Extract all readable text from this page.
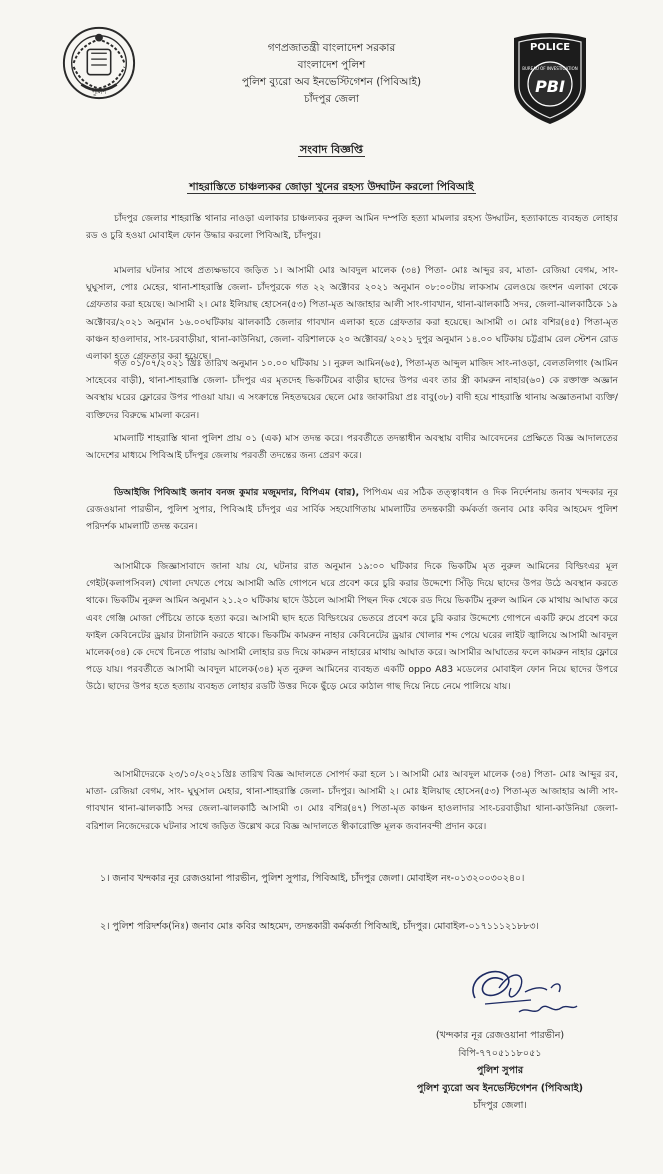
পুলিশ
POLICE
BUREAU OF INVESTIGATION
PBI
গণপ্রজাতন্ত্রী বাংলাদেশ সরকার
বাংলাদেশ পুলিশ
পুলিশ ব্যুরো অব ইনভেস্টিগেশন (পিবিআই)
চাঁদপুর জেলা
সংবাদ বিজ্ঞপ্তি
শাহরাস্তিতে চাঞ্চল্যকর জোড়া খুনের রহস্য উদ্ঘাটন করলো পিবিআই
চাঁদপুর জেলার শাহরাস্তি থানার নাওড়া এলাকার চাঞ্চল্যকর নুরুল আমিন দম্পতি হত্যা মামলার রহস্য উদ্ঘাটন, হত্যাকান্ডে ব্যবহৃত লোহার রড ও চুরি হওয়া মোবাইল ফোন উদ্ধার করলো পিবিআই, চাঁদপুর।
মামলার ঘটনার সাথে প্রত্যক্ষভাবে জড়িত ১। আসামী মোঃ আবদুল মালেক (৩৪) পিতা- মোঃ আব্দুর রব, মাতা- রেজিয়া বেগম, সাং- ঘুঘুসাল, পোঃ মেহের, থানা-শাহরাস্তি জেলা- চাঁদপুরকে গত ২২ অক্টোবর ২০২১ অনুমান ০৮:০০টায় লাকসাম রেলওয়ে জংশন এলাকা থেকে গ্রেফতার করা হয়েছে। আসামী ২। মোঃ ইলিয়াছ হোসেন(৫৩) পিতা-মৃত আজাহার আলী সাং-গাবখান, থানা-ঝালকাঠি সদর, জেলা-ঝালকাঠিকে ১৯ অক্টোবর/২০২১ অনুমান ১৬.০০ঘটিকায় ঝালকাঠি জেলার গাবখান এলাকা হতে গ্রেফতার করা হয়েছে। আসামী ৩। মোঃ বশির(৪৫) পিতা-মৃত কাঞ্চন হাওলাদার, সাং-চরবাড়ীয়া, থানা-কাউনিয়া, জেলা- বরিশালকে ২০ অক্টোবর/ ২০২১ দুপুর অনুমান ১৪.০০ ঘটিকায় চট্টগ্রাম রেল স্টেশন রোড এলাকা হতে গ্রেফতার করা হয়েছে।
গত ০১/০৭/২০২১ খ্রিঃ তারিখ অনুমান ১০.০০ ঘটিকায় ১। নুরুল আমিন(৬৫), পিতা-মৃত আব্দুল মাজিদ সাং-নাওড়া, বেলতলিগাং (আমিন সাহেবের বাড়ী), থানা-শাহরাস্তি জেলা- চাঁদপুর এর মৃতদেহ ভিকটিমের বাড়ীর ছাদের উপর এবং তার স্ত্রী কামরুন নাহার(৬০) কে রক্তাক্ত অজ্ঞান অবস্থায় ঘরের ফ্লোরের উপর পাওয়া যায়। এ সংক্রান্তে নিহতদ্বয়ের ছেলে মোঃ জাকারিয়া প্রঃ বাবু(৩৮) বাদী হয়ে শাহরাস্তি থানায় অজ্ঞাতনামা ব্যক্তি/ব্যক্তিদের বিরুদ্ধে মামলা করেন।
মামলাটি শাহরাস্তি থানা পুলিশ প্রায় ০১ (এক) মাস তদন্ত করে। পরবর্তীতে তদন্তাধীন অবস্থায় বাদীর আবেদনের প্রেক্ষিতে বিজ্ঞ আদালতের আদেশের মাধ্যমে পিবিআই চাঁদপুর জেলায় পরবর্তী তদন্তের জন্য প্রেরণ করে।
ডিআইজি পিবিআই জনাব বনজ কুমার মজুমদার, বিপিএম (বার), পিপিএম এর সঠিক তত্ত্বাবধান ও দিক নির্দেশনায় জনাব খন্দকার নূর রেজওয়ানা পারভীন, পুলিশ সুপার, পিবিআই চাঁদপুর এর সার্বিক সহযোগিতায় মামলাটির তদন্তকারী কর্মকর্তা জনাব মোঃ কবির আহমেদ পুলিশ পরিদর্শক মামলাটি তদন্ত করেন।
আসামীকে জিজ্ঞাসাবাদে জানা যায় যে, ঘটনার রাত অনুমান ১৯:০০ ঘটিকার দিকে ভিকটিম মৃত নুরুল আমিনের বিল্ডিংএর মূল গেইট(কলাপসিবল) খোলা দেখতে পেয়ে আসামী অতি গোপনে ঘরে প্রবেশ করে চুরি করার উদ্দেশ্যে সিঁড়ি দিয়ে ছাদের উপর উঠে অবস্থান করতে থাকে। ভিকটিম নুরুল আমিন অনুমান ২১.২০ ঘটিকায় ছাদে উঠলে আসামী পিছন দিক থেকে রড দিয়ে ভিকটিম নুরুল আমিন কে মাথায় আঘাত করে এবং গেঞ্জি মোজা পেঁচিয়ে তাকে হত্যা করে। আসামী ছাদ হতে বিল্ডিংয়ের ভেতরে প্রবেশ করে চুরি করার উদ্দেশ্যে গোপনে একটি রুমে প্রবেশ করে ফাইল কেবিনেটের ড্রয়ার টানাটানি করতে থাকে। ভিকটিম কামরুন নাহার কেবিনেটের ড্রয়ার খোলার শব্দ পেয়ে ঘরের লাইট জ্বালিয়ে আসামী আবদুল মালেক(৩৪) কে দেখে চিনতে পারায় আসামী লোহার রড দিয়ে কামরুন নাহারের মাথায় আঘাত করে। আসামীর আঘাতের ফলে কামরুন নাহার ফ্লোরে পড়ে যায়। পরবর্তীতে আসামী আবদুল মালেক(৩৪) মৃত নুরুল আমিনের ব্যবহৃত একটি oppo A83 মডেলের মোবাইল ফোন নিয়ে ছাদের উপরে উঠে। ছাদের উপর হতে হত্যায় ব্যবহৃত লোহার রডটি উত্তর দিকে ছুঁড়ে মেরে কাঠাল গাছ দিয়ে নিচে নেমে পালিয়ে যায়।
আসামীদেরকে ২৩/১০/২০২১খ্রিঃ তারিখ বিজ্ঞ আদালতে সোপর্দ করা হলে ১। আসামী মোঃ আবদুল মালেক (৩৪) পিতা- মোঃ আব্দুর রব, মাতা- রেজিয়া বেগম, সাং- ঘুঘুসাল মেহার, থানা-শাহরাস্তি জেলা- চাঁদপুর। আসামী ২। মোঃ ইলিয়াছ হোসেন(৫৩) পিতা-মৃত আজাহার আলী সাং-গাবখান থানা-ঝালকাঠি সদর জেলা-ঝালকাঠি আসামী ৩। মোঃ বশির(৪৭) পিতা-মৃত কাঞ্চন হাওলাদার সাং-চরবাড়ীয়া থানা-কাউনিয়া জেলা- বরিশাল নিজেদেরকে ঘটনার সাথে জড়িত উল্লেখ করে বিজ্ঞ আদালতে স্বীকারোক্তি মূলক জবানবন্দী প্রদান করে।
১। জনাব খন্দকার নূর রেজওয়ানা পারভীন, পুলিশ সুপার, পিবিআই, চাঁদপুর জেলা। মোবাইল নং-০১৩২০০৩০২৪০।
২। পুলিশ পরিদর্শক(নিঃ) জনাব মোঃ কবির আহমেদ, তদন্তকারী কর্মকর্তা পিবিআই, চাঁদপুর। মোবাইল-০১৭১১১২১৮৮৩।
(খন্দকার নূর রেজওয়ানা পারভীন)
বিপি-৭৭০৫১১৮০৫১
পুলিশ সুপার
পুলিশ ব্যুরো অব ইনভেস্টিগেশন (পিবিআই)
চাঁদপুর জেলা।
